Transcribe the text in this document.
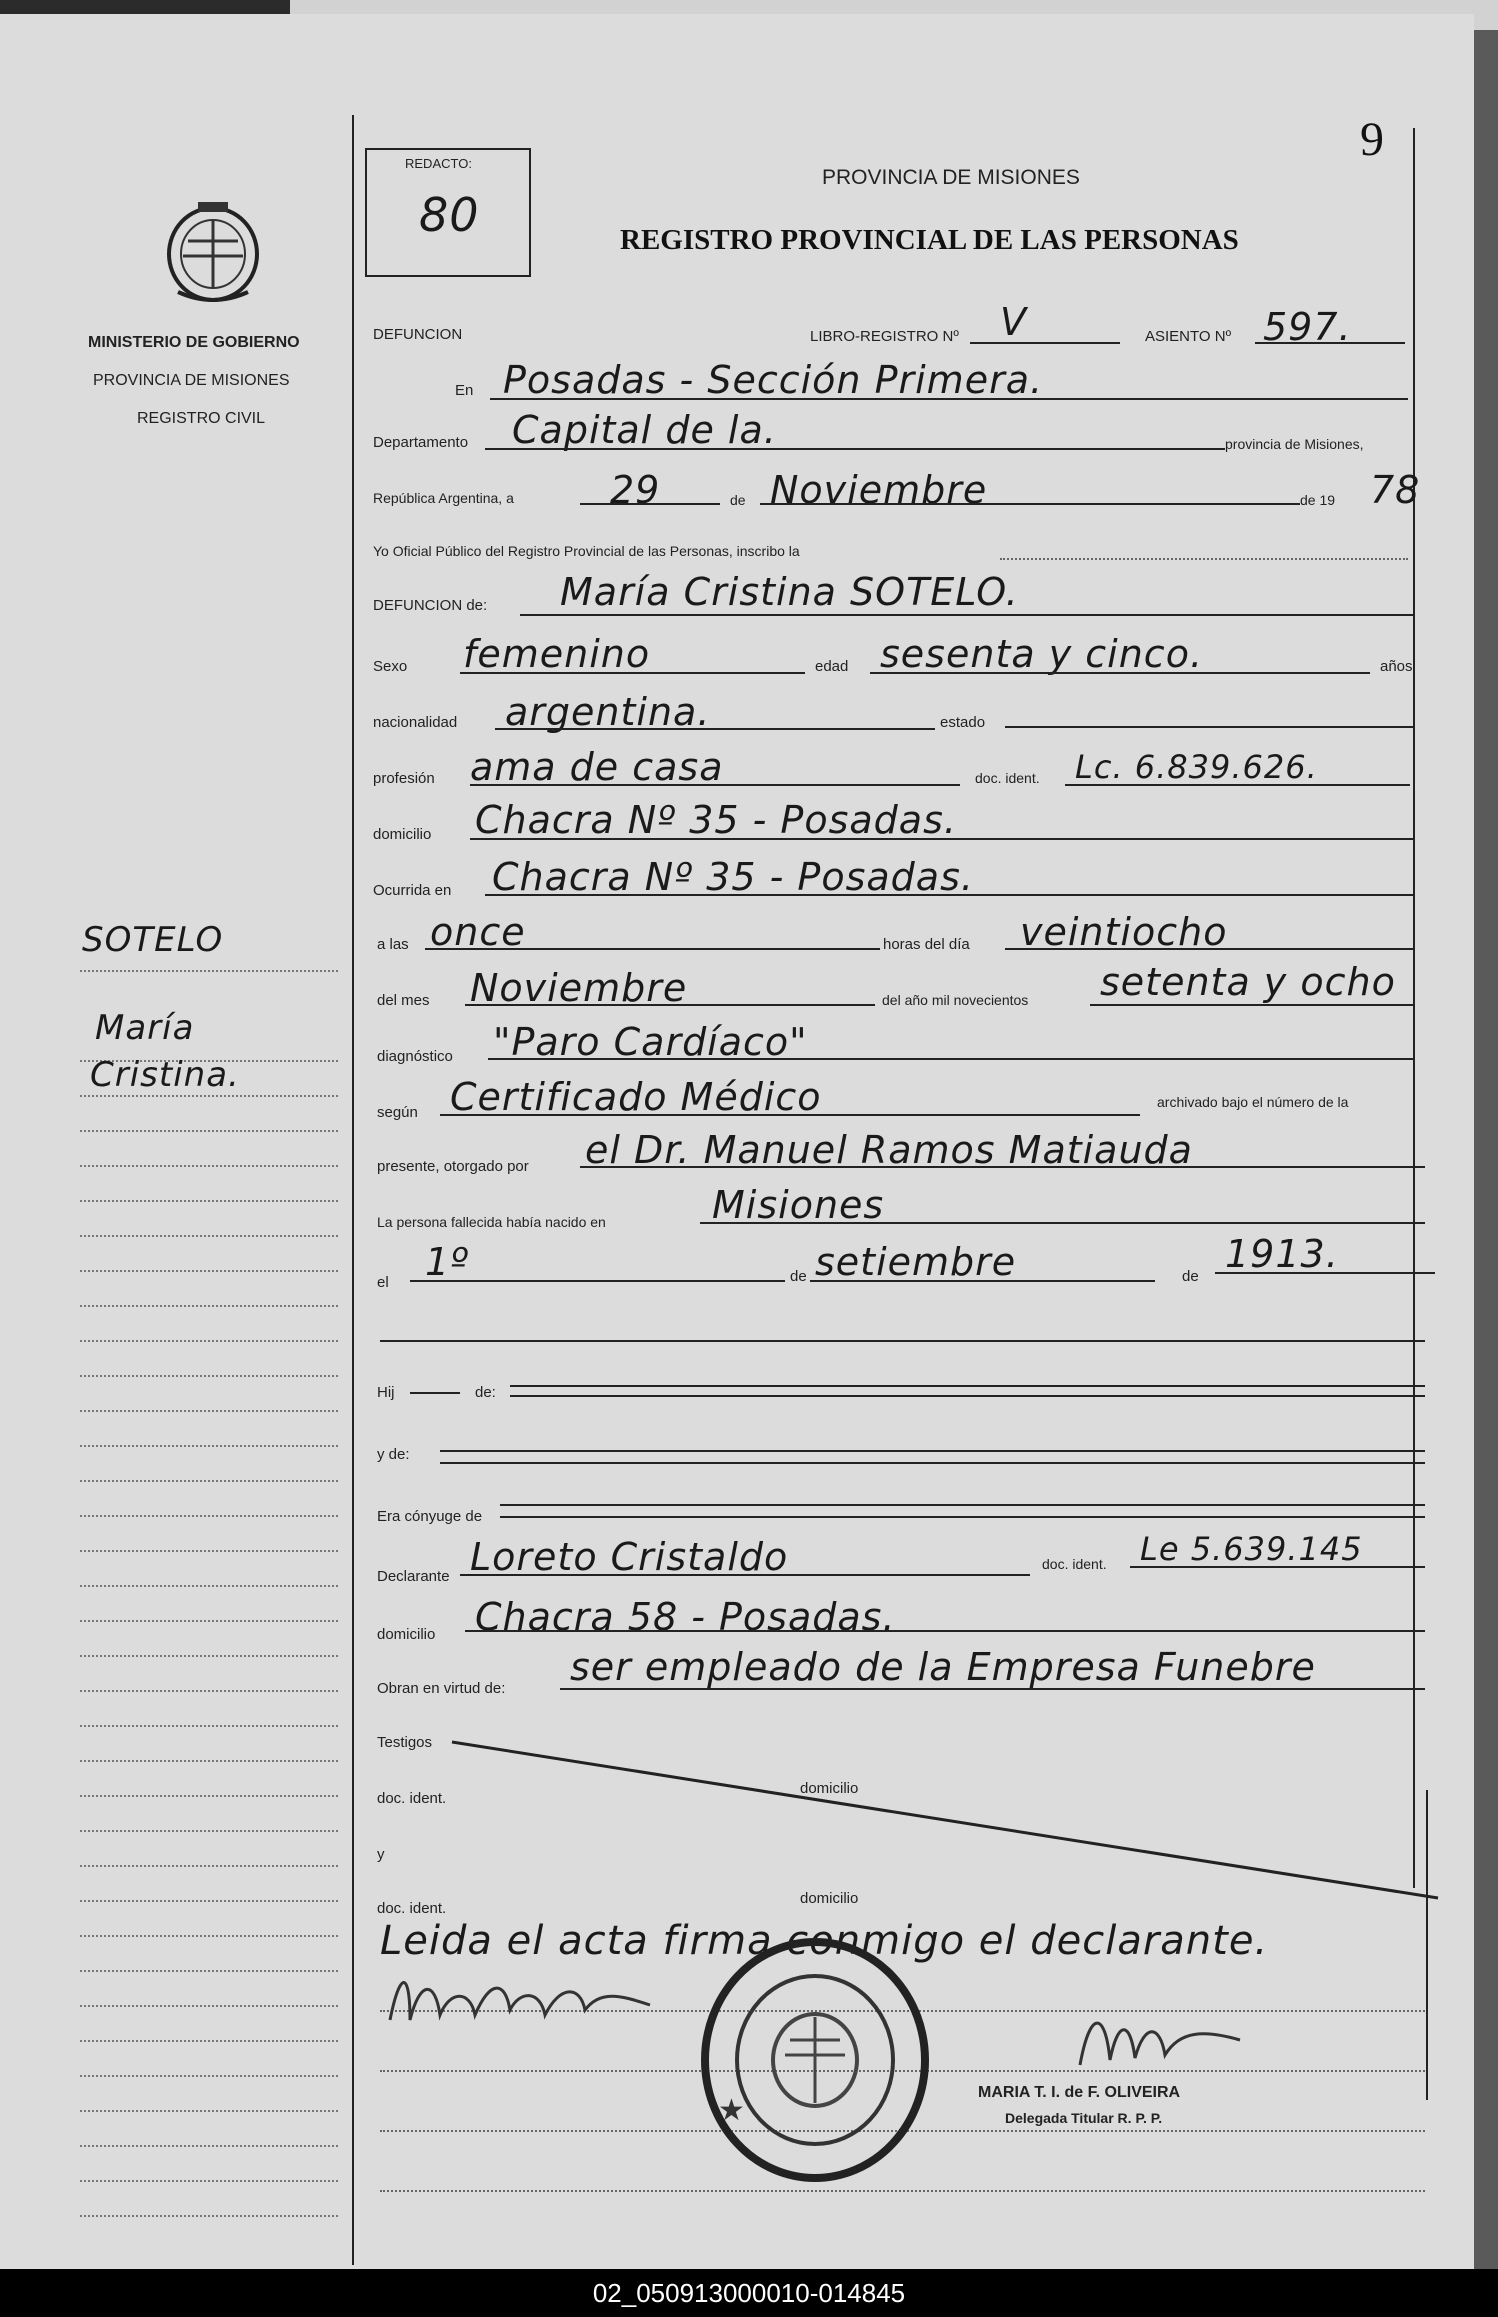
9
MINISTERIO DE GOBIERNO
PROVINCIA DE MISIONES
REGISTRO CIVIL
REDACTO:
80
PROVINCIA DE MISIONES
REGISTRO PROVINCIAL DE LAS PERSONAS
DEFUNCION	LIBRO-REGISTRO Nº V	ASIENTO Nº 597.
En Posadas - Sección Primera.
Departamento Capital de la.	provincia de Misiones,
República Argentina, a	29	de Noviembre	de 19 78
Yo Oficial Público del Registro Provincial de las Personas, inscribo la
DEFUNCION de: María Cristina SOTELO.
Sexo femenino	edad sesenta y cinco.	años
nacionalidad argentina.	estado
profesión ama de casa	doc. ident. Lc. 6.839.626.
domicilio Chacra Nº 35 - Posadas.
Ocurrida en Chacra Nº 35 - Posadas.
a las once	horas del día veintiocho
del mes Noviembre	del año mil novecientos setenta y ocho
diagnóstico "Paro Cardíaco"
según Certificado Médico	archivado bajo el número de la
presente, otorgado por el Dr. Manuel Ramos Matiauda
La persona fallecida había nacido en	Misiones
el 1º	de setiembre	de
1913.
Hij	de:
y de:
Era cónyuge de
Declarante Loreto Cristaldo	doc. ident. Le 5.639.145
domicilio Chacra 58 - Posadas.
Obran en virtud de: ser empleado de la Empresa Funebre
Testigos
doc. ident.
domicilio
y
doc. ident.
domicilio
Leida el acta firma conmigo el declarante.
SOTELO
María
Cristina.
★
MARIA T. I. de F. OLIVEIRA
Delegada Titular R. P. P.
02_050913000010-014845
